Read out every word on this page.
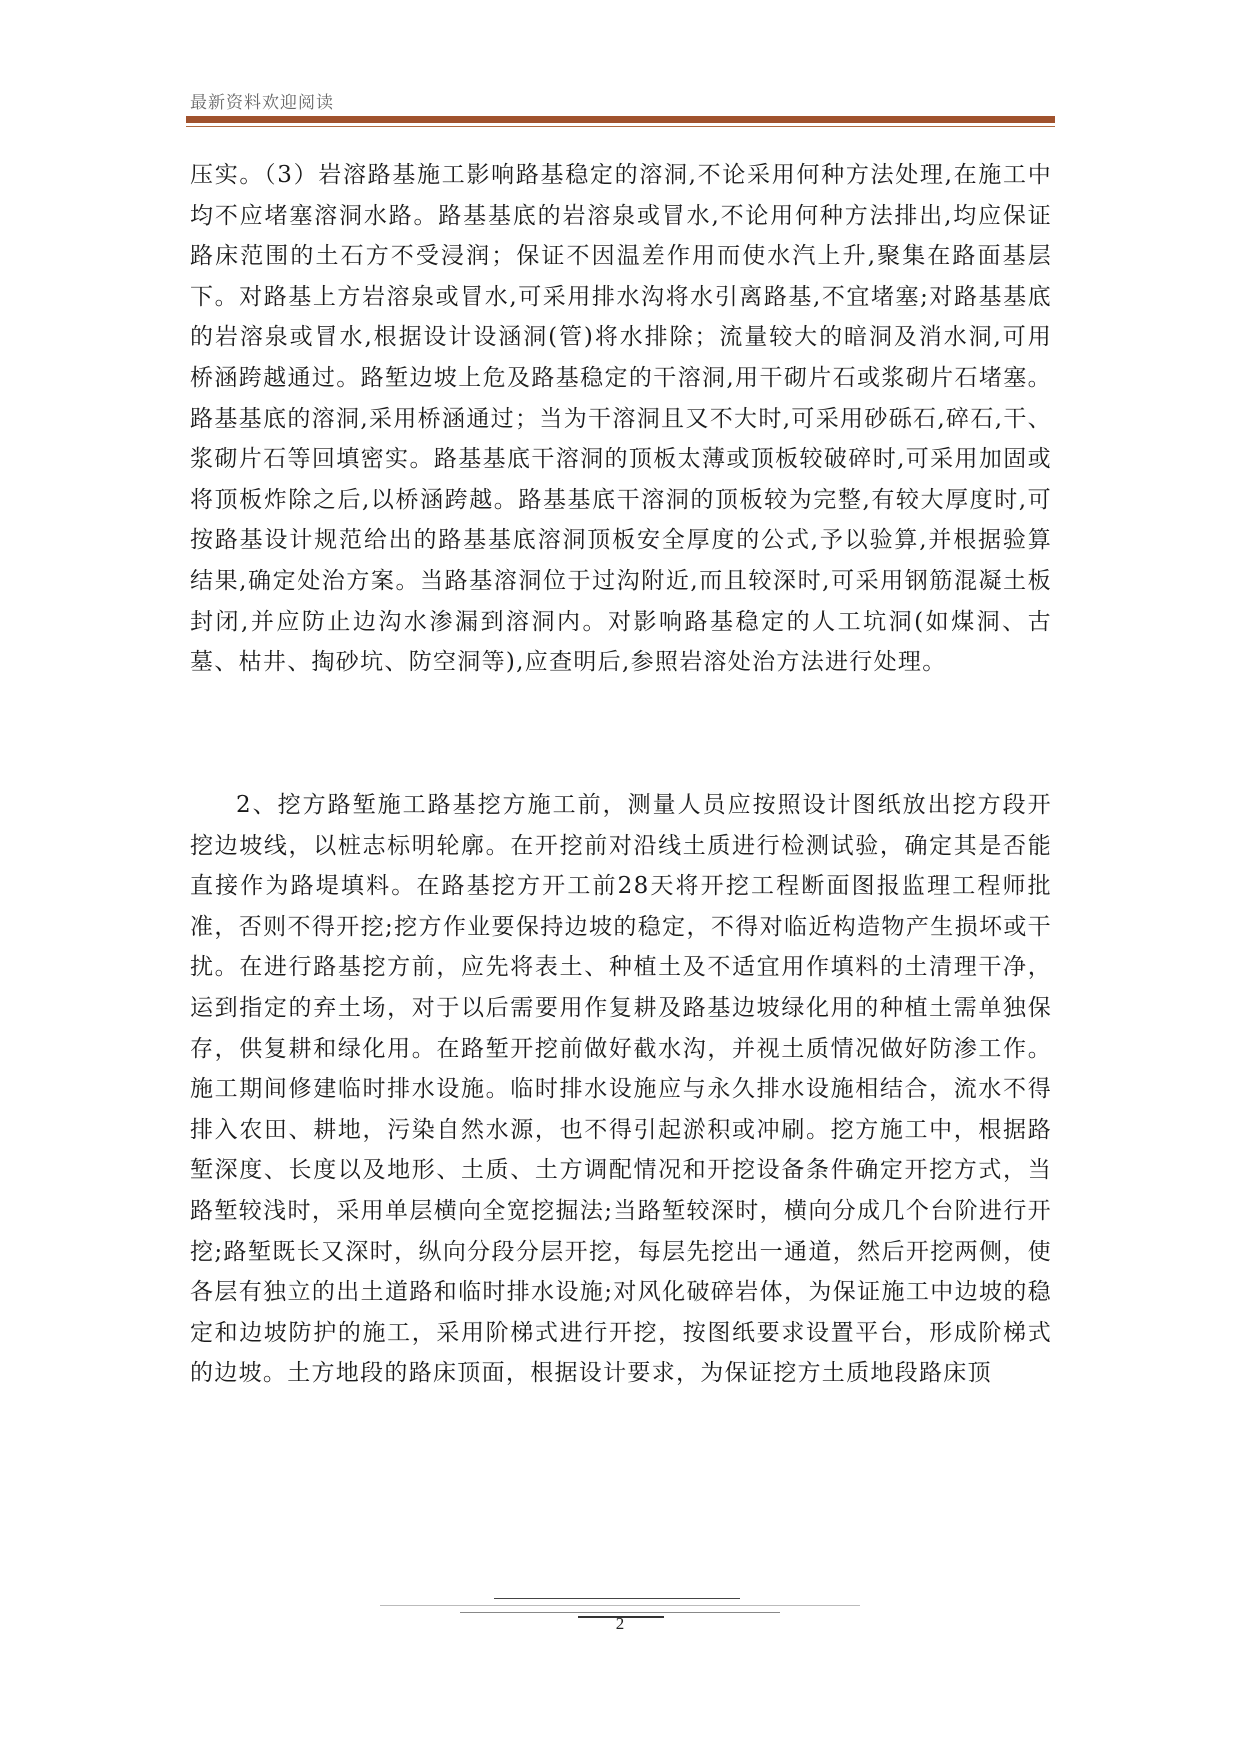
最新资料欢迎阅读

压实。（3）岩溶路基施工影响路基稳定的溶洞,不论采用何种方法处理,在施工中均不应堵塞溶洞水路。路基基底的岩溶泉或冒水,不论用何种方法排出,均应保证路床范围的土石方不受浸润；保证不因温差作用而使水汽上升,聚集在路面基层下。对路基上方岩溶泉或冒水,可采用排水沟将水引离路基,不宜堵塞;对路基基底的岩溶泉或冒水,根据设计设涵洞(管)将水排除；流量较大的暗洞及消水洞,可用桥涵跨越通过。路堑边坡上危及路基稳定的干溶洞,用干砌片石或浆砌片石堵塞。路基基底的溶洞,采用桥涵通过；当为干溶洞且又不大时,可采用砂砾石,碎石,干、浆砌片石等回填密实。路基基底干溶洞的顶板太薄或顶板较破碎时,可采用加固或将顶板炸除之后,以桥涵跨越。路基基底干溶洞的顶板较为完整,有较大厚度时,可按路基设计规范给出的路基基底溶洞顶板安全厚度的公式,予以验算,并根据验算结果,确定处治方案。当路基溶洞位于过沟附近,而且较深时,可采用钢筋混凝土板封闭,并应防止边沟水渗漏到溶洞内。对影响路基稳定的人工坑洞(如煤洞、古墓、枯井、掏砂坑、防空洞等),应查明后,参照岩溶处治方法进行处理。

2、挖方路堑施工路基挖方施工前，测量人员应按照设计图纸放出挖方段开挖边坡线，以桩志标明轮廓。在开挖前对沿线土质进行检测试验，确定其是否能直接作为路堤填料。在路基挖方开工前28天将开挖工程断面图报监理工程师批准，否则不得开挖;挖方作业要保持边坡的稳定，不得对临近构造物产生损坏或干扰。在进行路基挖方前，应先将表土、种植土及不适宜用作填料的土清理干净，运到指定的弃土场，对于以后需要用作复耕及路基边坡绿化用的种植土需单独保存，供复耕和绿化用。在路堑开挖前做好截水沟，并视土质情况做好防渗工作。施工期间修建临时排水设施。临时排水设施应与永久排水设施相结合，流水不得排入农田、耕地，污染自然水源，也不得引起淤积或冲刷。挖方施工中，根据路堑深度、长度以及地形、土质、土方调配情况和开挖设备条件确定开挖方式，当路堑较浅时，采用单层横向全宽挖掘法;当路堑较深时，横向分成几个台阶进行开挖;路堑既长又深时，纵向分段分层开挖，每层先挖出一通道，然后开挖两侧，使各层有独立的出土道路和临时排水设施;对风化破碎岩体，为保证施工中边坡的稳定和边坡防护的施工，采用阶梯式进行开挖，按图纸要求设置平台，形成阶梯式的边坡。土方地段的路床顶面，根据设计要求，为保证挖方土质地段路床顶

2
